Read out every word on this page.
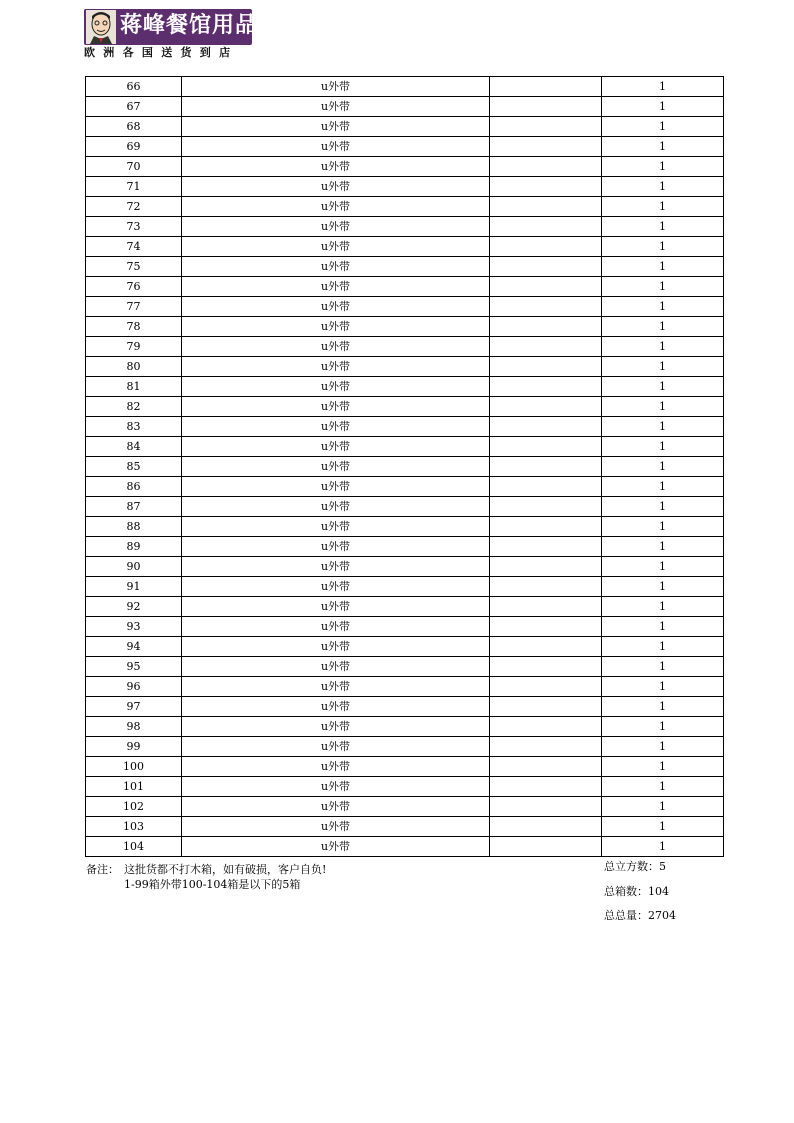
蒋峰餐馆用品
欧洲各国送货到店
66	u外带		1
67	u外带		1
68	u外带		1
69	u外带		1
70	u外带		1
71	u外带		1
72	u外带		1
73	u外带		1
74	u外带		1
75	u外带		1
76	u外带		1
77	u外带		1
78	u外带		1
79	u外带		1
80	u外带		1
81	u外带		1
82	u外带		1
83	u外带		1
84	u外带		1
85	u外带		1
86	u外带		1
87	u外带		1
88	u外带		1
89	u外带		1
90	u外带		1
91	u外带		1
92	u外带		1
93	u外带		1
94	u外带		1
95	u外带		1
96	u外带		1
97	u外带		1
98	u外带		1
99	u外带		1
100	u外带		1
101	u外带		1
102	u外带		1
103	u外带		1
104	u外带		1
备注： 这批货都不打木箱，如有破损，客户自负!
1-99箱外带100-104箱是以下的5箱
总立方数：5
总箱数：104
总总量：2704
